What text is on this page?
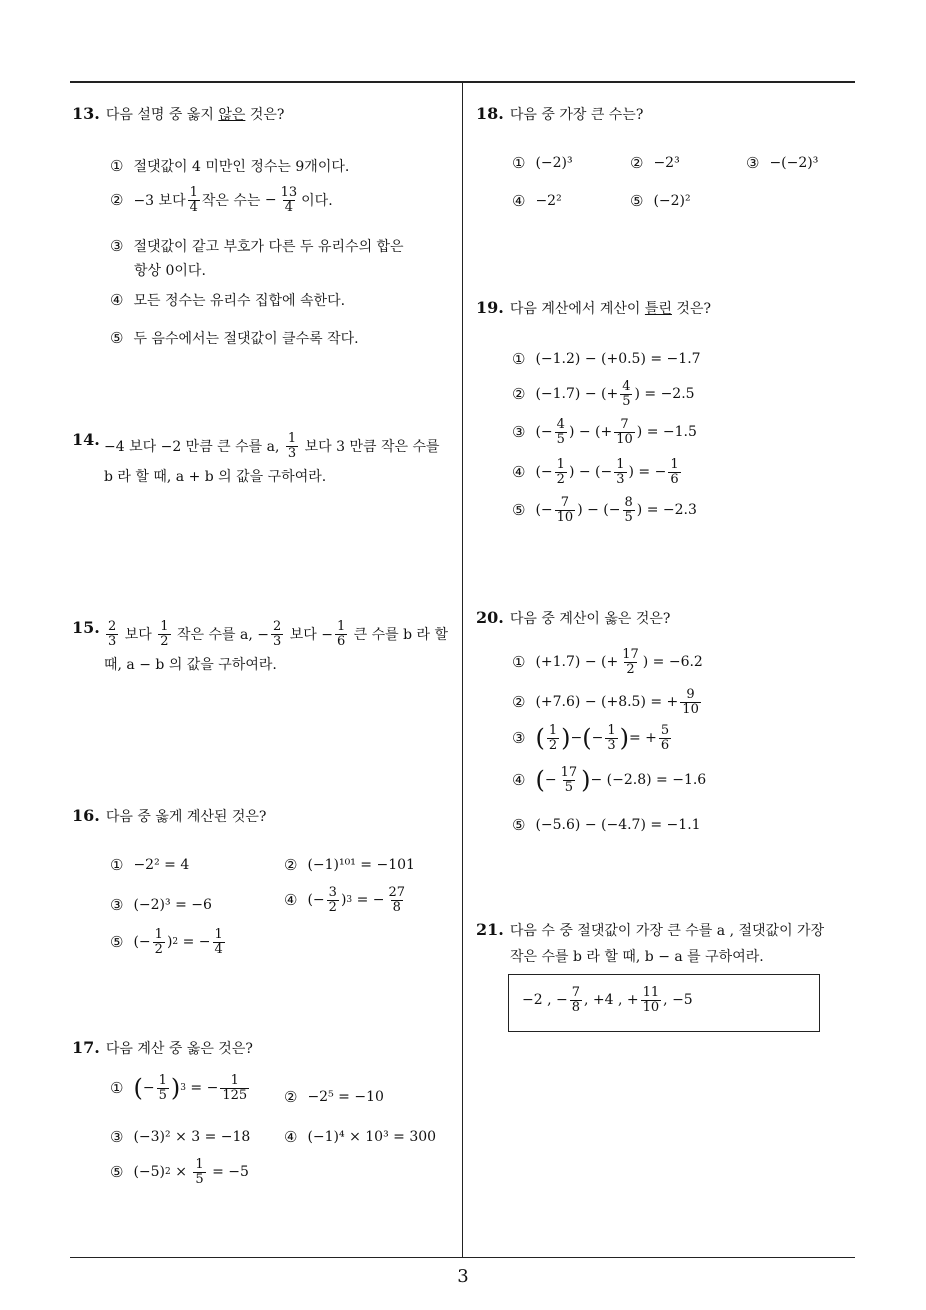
13. 다음 설명 중 옳지 않은 것은?
① 절댓값이 4 미만인 정수는 9개이다.
② −3 보다 $\frac{1}{4}$ 작은 수는 − $\frac{13}{4}$ 이다.
③ 절댓값이 같고 부호가 다른 두 유리수의 합은
항상 0이다.
④ 모든 정수는 유리수 집합에 속한다.
⑤ 두 음수에서는 절댓값이 클수록 작다.
14. −4 보다 −2 만큼 큰 수를 a,
$\frac{1}{3}$
보다 3 만큼 작은 수를
b 라 할 때, a + b 의 값을 구하여라.
15. $\frac{2}{3}$
보다
$\frac{1}{2}$
작은 수를 a, − $\frac{2}{3}$
보다 − $\frac{1}{6}$
큰 수를 b 라 할
때, a − b 의 값을 구하여라.
16. 다음 중 옳게 계산된 것은?
① −2² = 4	② (−1)¹⁰¹ = −101
③ (−2)³ = −6	④ (− $\frac{3}{2}$ ) 3 = − $\frac{27}{8}$
⑤ (− $\frac{1}{2}$ ) 2 = − $\frac{1}{4}$
17. 다음 계산 중 옳은 것은?
① ( − $\frac{1}{5}$ ) 3 = − $\frac{1}{125}$ ② −2⁵ = −10
③ (−3)² × 3 = −18 ④ (−1)⁴ × 10³ = 300
⑤ (−5) $2 \times \frac{1}{5} = -5$
18. 다음 중 가장 큰 수는?
① (−2)³	② −2³	③ −(−2)³
④ −2²	⑤ (−2)²
19. 다음 계산에서 계산이 틀린 것은?
① (−1.2) − (+0.5) = −1.7
② (−1.7) − (+ $\frac{4}{5}$ ) = −2.5
③ (− $\frac{4}{5}$ ) − (+ $\frac{7}{10}$ ) = −1.5
④ (− $\frac{1}{2}$ ) − (− $\frac{1}{3}$ ) = − $\frac{1}{6}$
⑤ (− $\frac{7}{10}$ ) − (− $\frac{8}{5}$ ) = −2.3
20. 다음 중 계산이 옳은 것은?
① (+1.7) − (+ $\frac{17}{2}$ ) = −6.2
② (+7.6) − (+8.5) = + $\frac{9}{10}$
③ ( $\frac{1}{2}$ ) − ( − $\frac{1}{3}$ ) = + $\frac{5}{6}$
④ ( − $\frac{17}{5}$ ) − (−2.8) = −1.6
⑤ (−5.6) − (−4.7) = −1.1
21. 다음 수 중 절댓값이 가장 큰 수를 a , 절댓값이 가장
작은 수를 b 라 할 때, b − a 를 구하여라.
−2 , − $\frac{7}{8}$ , +4 , + $\frac{11}{10}$ , −5
3
